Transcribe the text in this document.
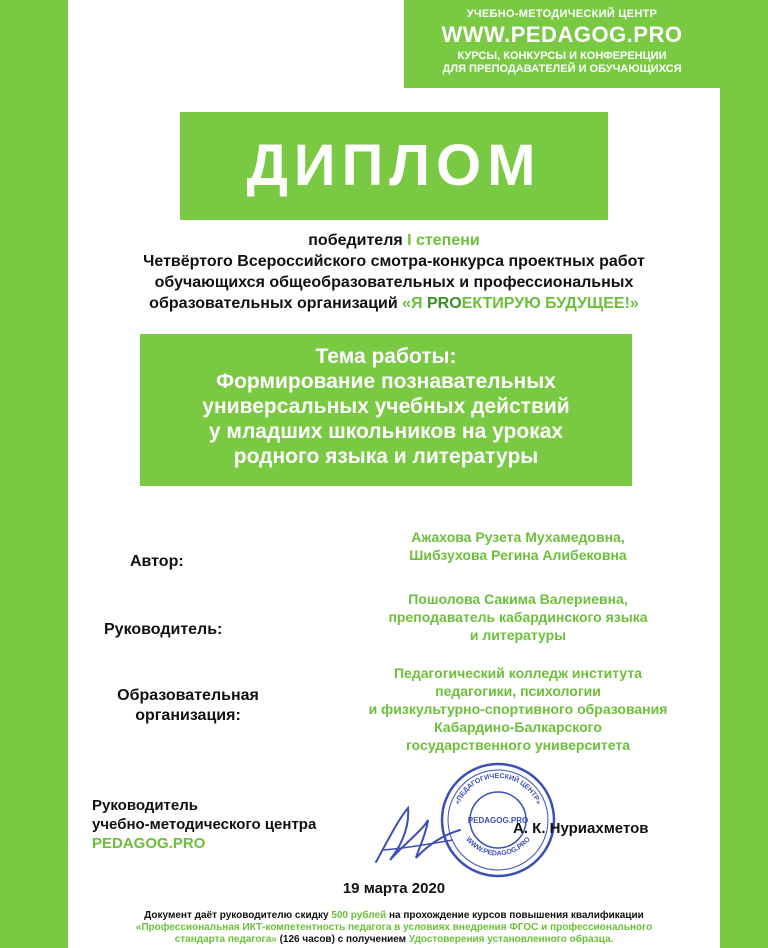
УЧЕБНО-МЕТОДИЧЕСКИЙ ЦЕНТР
WWW.PEDAGOG.PRO
КУРСЫ, КОНКУРСЫ И КОНФЕРЕНЦИИ
ДЛЯ ПРЕПОДАВАТЕЛЕЙ И ОБУЧАЮЩИХСЯ
ДИПЛОМ
победителя I степени
Четвёртого Всероссийского смотра-конкурса проектных работ
обучающихся общеобразовательных и профессиональных
образовательных организаций «Я PROЕКТИРУЮ БУДУЩЕЕ!»
Тема работы:
Формирование познавательных
универсальных учебных действий
у младших школьников на уроках
родного языка и литературы
Автор:
Ажахова Рузета Мухамедовна,
Шибзухова Регина Алибековна
Руководитель:
Пошолова Сакима Валериевна,
преподаватель кабардинского языка
и литературы
Образовательная
организация:
Педагогический колледж института
педагогики, психологии
и физкультурно-спортивного образования
Кабардино-Балкарского
государственного университета
Руководитель
учебно-методического центра
PEDAGOG.PRO
«ПЕДАГОГИЧЕСКИЙ ЦЕНТР»
WWW.PEDAGOG.PRO
PEDAGOG.PRO
А. К. Нуриахметов
19 марта 2020
Документ даёт руководителю скидку 500 рублей на прохождение курсов повышения квалификации
«Профессиональная ИКТ-компетентность педагога в условиях внедрения ФГОС и профессионального
стандарта педагога» (126 часов) с получением Удостоверения установленного образца.
